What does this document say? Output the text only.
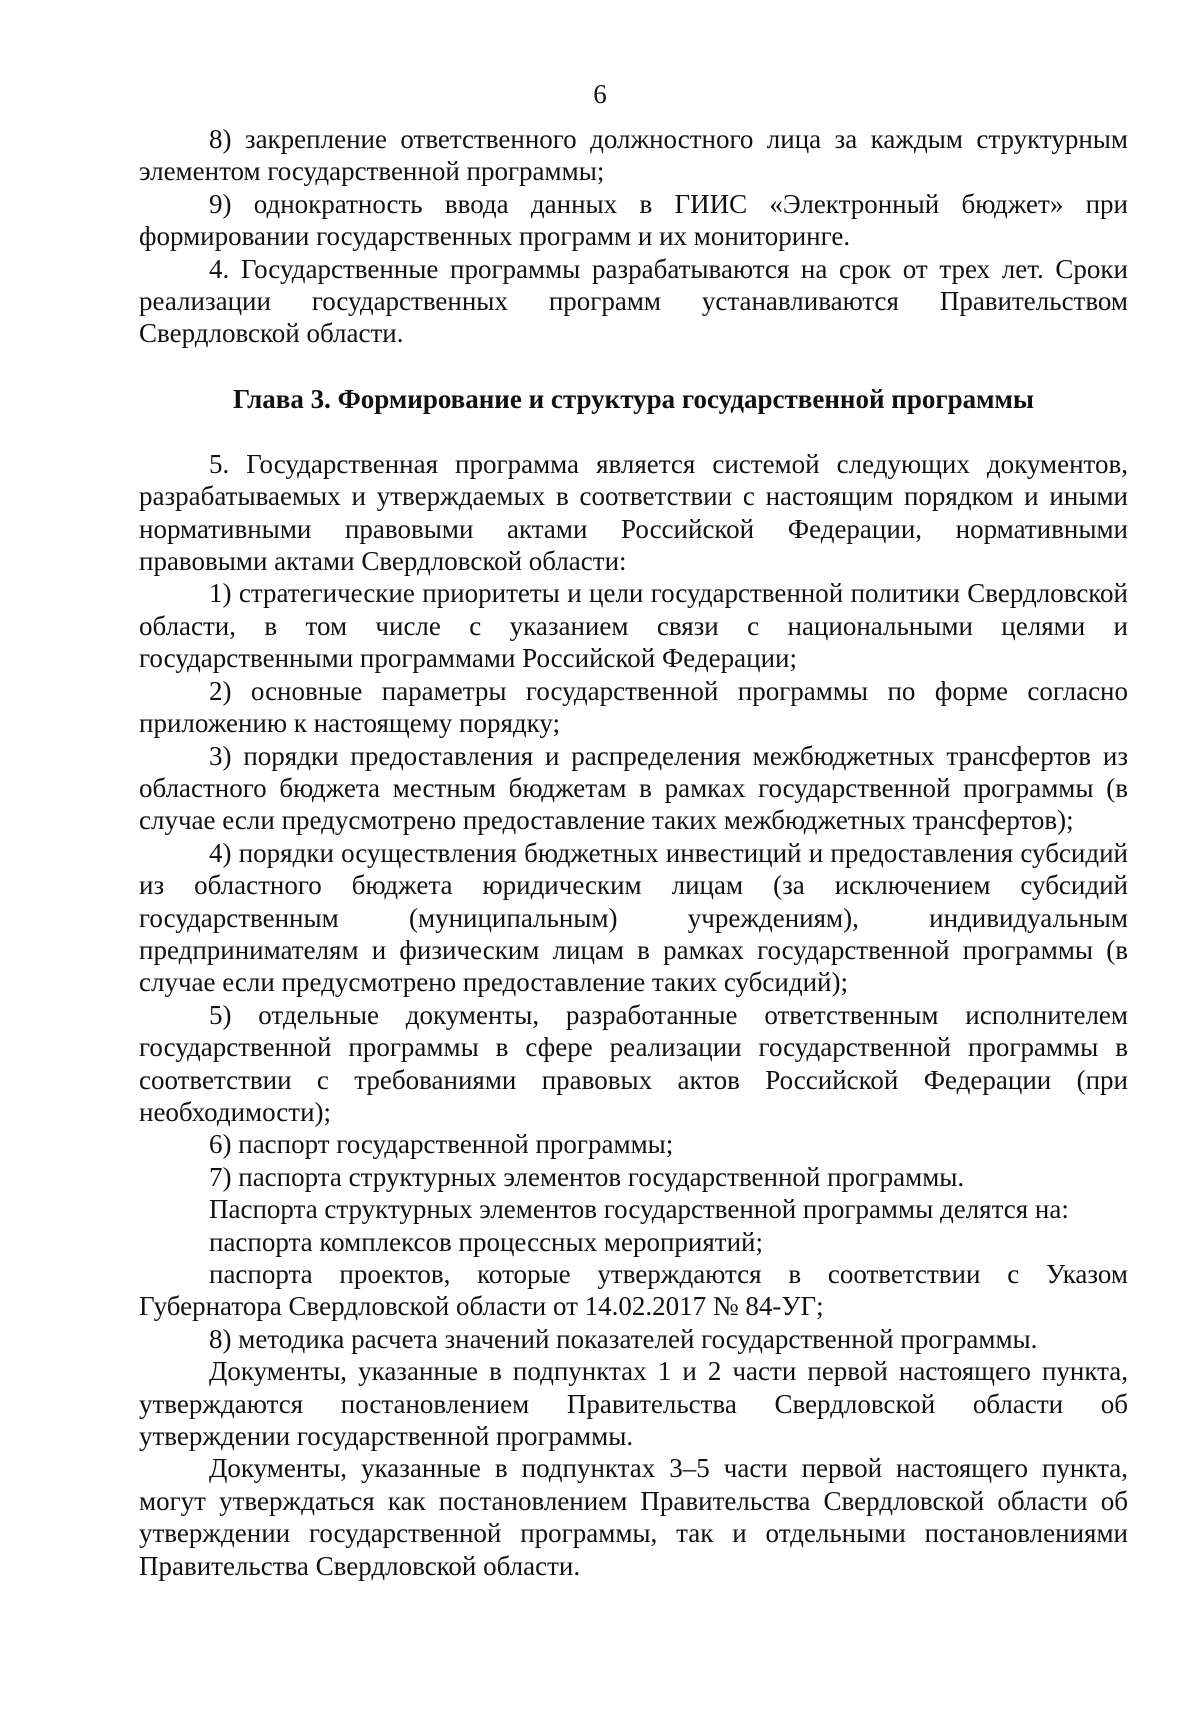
6

8) закрепление ответственного должностного лица за каждым структурным элементом государственной программы;

9) однократность ввода данных в ГИИС «Электронный бюджет» при формировании государственных программ и их мониторинге.

4. Государственные программы разрабатываются на срок от трех лет. Сроки реализации государственных программ устанавливаются Правительством Свердловской области.

Глава 3. Формирование и структура государственной программы

5. Государственная программа является системой следующих документов, разрабатываемых и утверждаемых в соответствии с настоящим порядком и иными нормативными правовыми актами Российской Федерации, нормативными правовыми актами Свердловской области:

1) стратегические приоритеты и цели государственной политики Свердловской области, в том числе с указанием связи с национальными целями и государственными программами Российской Федерации;

2) основные параметры государственной программы по форме согласно приложению к настоящему порядку;

3) порядки предоставления и распределения межбюджетных трансфертов из областного бюджета местным бюджетам в рамках государственной программы (в случае если предусмотрено предоставление таких межбюджетных трансфертов);

4) порядки осуществления бюджетных инвестиций и предоставления субсидий из областного бюджета юридическим лицам (за исключением субсидий государственным (муниципальным) учреждениям), индивидуальным предпринимателям и физическим лицам в рамках государственной программы (в случае если предусмотрено предоставление таких субсидий);

5) отдельные документы, разработанные ответственным исполнителем государственной программы в сфере реализации государственной программы в соответствии с требованиями правовых актов Российской Федерации (при необходимости);

6) паспорт государственной программы;

7) паспорта структурных элементов государственной программы.

Паспорта структурных элементов государственной программы делятся на:

паспорта комплексов процессных мероприятий;

паспорта проектов, которые утверждаются в соответствии с Указом Губернатора Свердловской области от 14.02.2017 № 84-УГ;

8) методика расчета значений показателей государственной программы.

Документы, указанные в подпунктах 1 и 2 части первой настоящего пункта, утверждаются постановлением Правительства Свердловской области об утверждении государственной программы.

Документы, указанные в подпунктах 3–5 части первой настоящего пункта, могут утверждаться как постановлением Правительства Свердловской области об утверждении государственной программы, так и отдельными постановлениями Правительства Свердловской области.
